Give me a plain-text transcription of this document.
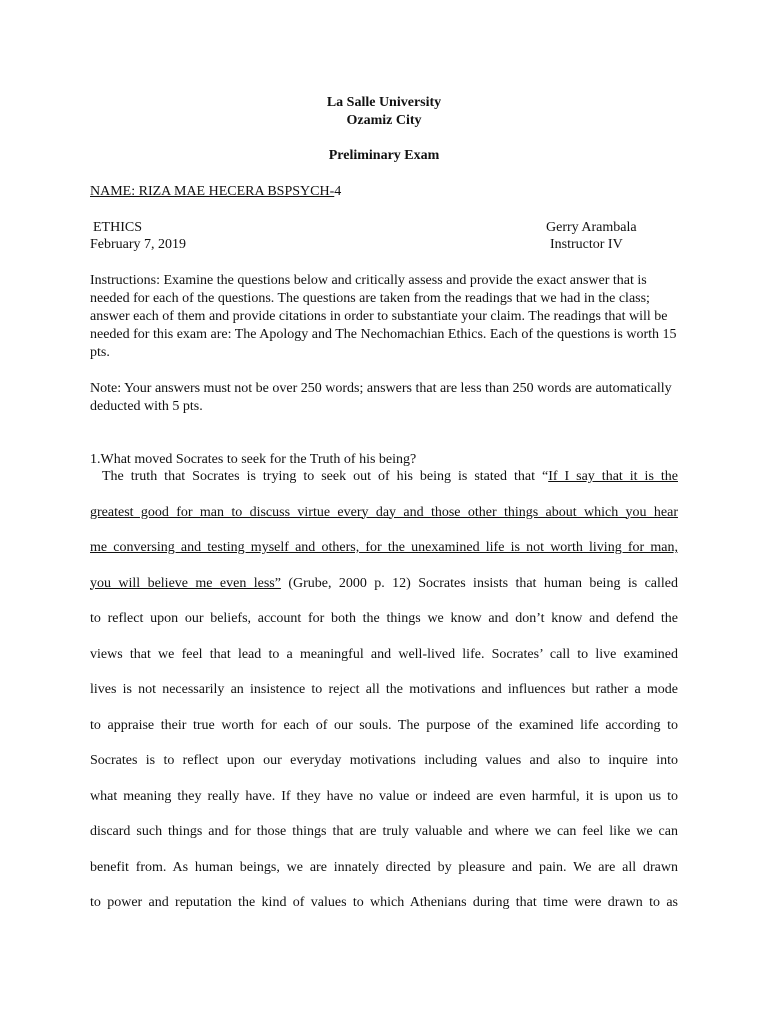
La Salle University
Ozamiz City
Preliminary Exam
NAME: RIZA MAE HECERA BSPSYCH-4
ETHICS
February 7, 2019
Gerry Arambala
Instructor IV
Instructions: Examine the questions below and critically assess and provide the exact answer that is needed for each of the questions. The questions are taken from the readings that we had in the class; answer each of them and provide citations in order to substantiate your claim. The readings that will be needed for this exam are: The Apology and The Nechomachian Ethics. Each of the questions is worth 15 pts.
Note: Your answers must not be over 250 words; answers that are less than 250 words are automatically deducted with 5 pts.
1.What moved Socrates to seek for the Truth of his being?
The truth that Socrates is trying to seek out of his being is stated that “If I say that it is the
greatest good for man to discuss virtue every day and those other things about which you hear
me conversing and testing myself and others, for the unexamined life is not worth living for man,
you will believe me even less” (Grube, 2000 p. 12) Socrates insists that human being is called
to reflect upon our beliefs, account for both the things we know and don’t know and defend the
views that we feel that lead to a meaningful and well-lived life. Socrates’ call to live examined
lives is not necessarily an insistence to reject all the motivations and influences but rather a mode
to appraise their true worth for each of our souls. The purpose of the examined life according to
Socrates is to reflect upon our everyday motivations including values and also to inquire into
what meaning they really have. If they have no value or indeed are even harmful, it is upon us to
discard such things and for those things that are truly valuable and where we can feel like we can
benefit from. As human beings, we are innately directed by pleasure and pain. We are all drawn
to power and reputation the kind of values to which Athenians during that time were drawn to as
